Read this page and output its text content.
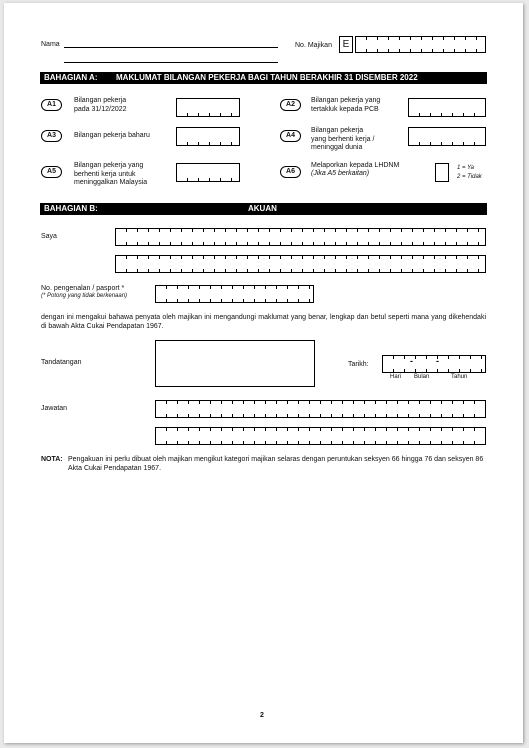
Nama	No. Majikan	E
BAHAGIAN A: MAKLUMAT BILANGAN PEKERJA BAGI TAHUN BERAKHIR 31 DISEMBER 2022
A1
Bilangan pekerja
pada 31/12/2022
A2
Bilangan pekerja yang
tertakluk kepada PCB
A3	Bilangan pekerja baharu	A4
Bilangan pekerja
yang berhenti kerja /
meninggal dunia
A5
Bilangan pekerja yang
berhenti kerja untuk
meninggalkan Malaysia
A6
Melaporkan kepada LHDNM
(Jika A5 berkaitan)
1 = Ya
2 = Tidak
BAHAGIAN B:	AKUAN
Saya
No. pengenalan / pasport *
(* Potong yang tidak berkenaan)
dengan ini mengakui bahawa penyata oleh majikan ini mengandungi maklumat yang benar, lengkap dan betul seperti mana yang dikehendaki di bawah Akta Cukai Pendapatan 1967.
Tandatangan	Tarikh:	-	-
Hari Bulan	Tahun
Jawatan
NOTA: Pengakuan ini perlu dibuat oleh majikan mengikut kategori majikan selaras dengan peruntukan seksyen 66 hingga 76 dan seksyen 86 Akta Cukai Pendapatan 1967.
2
